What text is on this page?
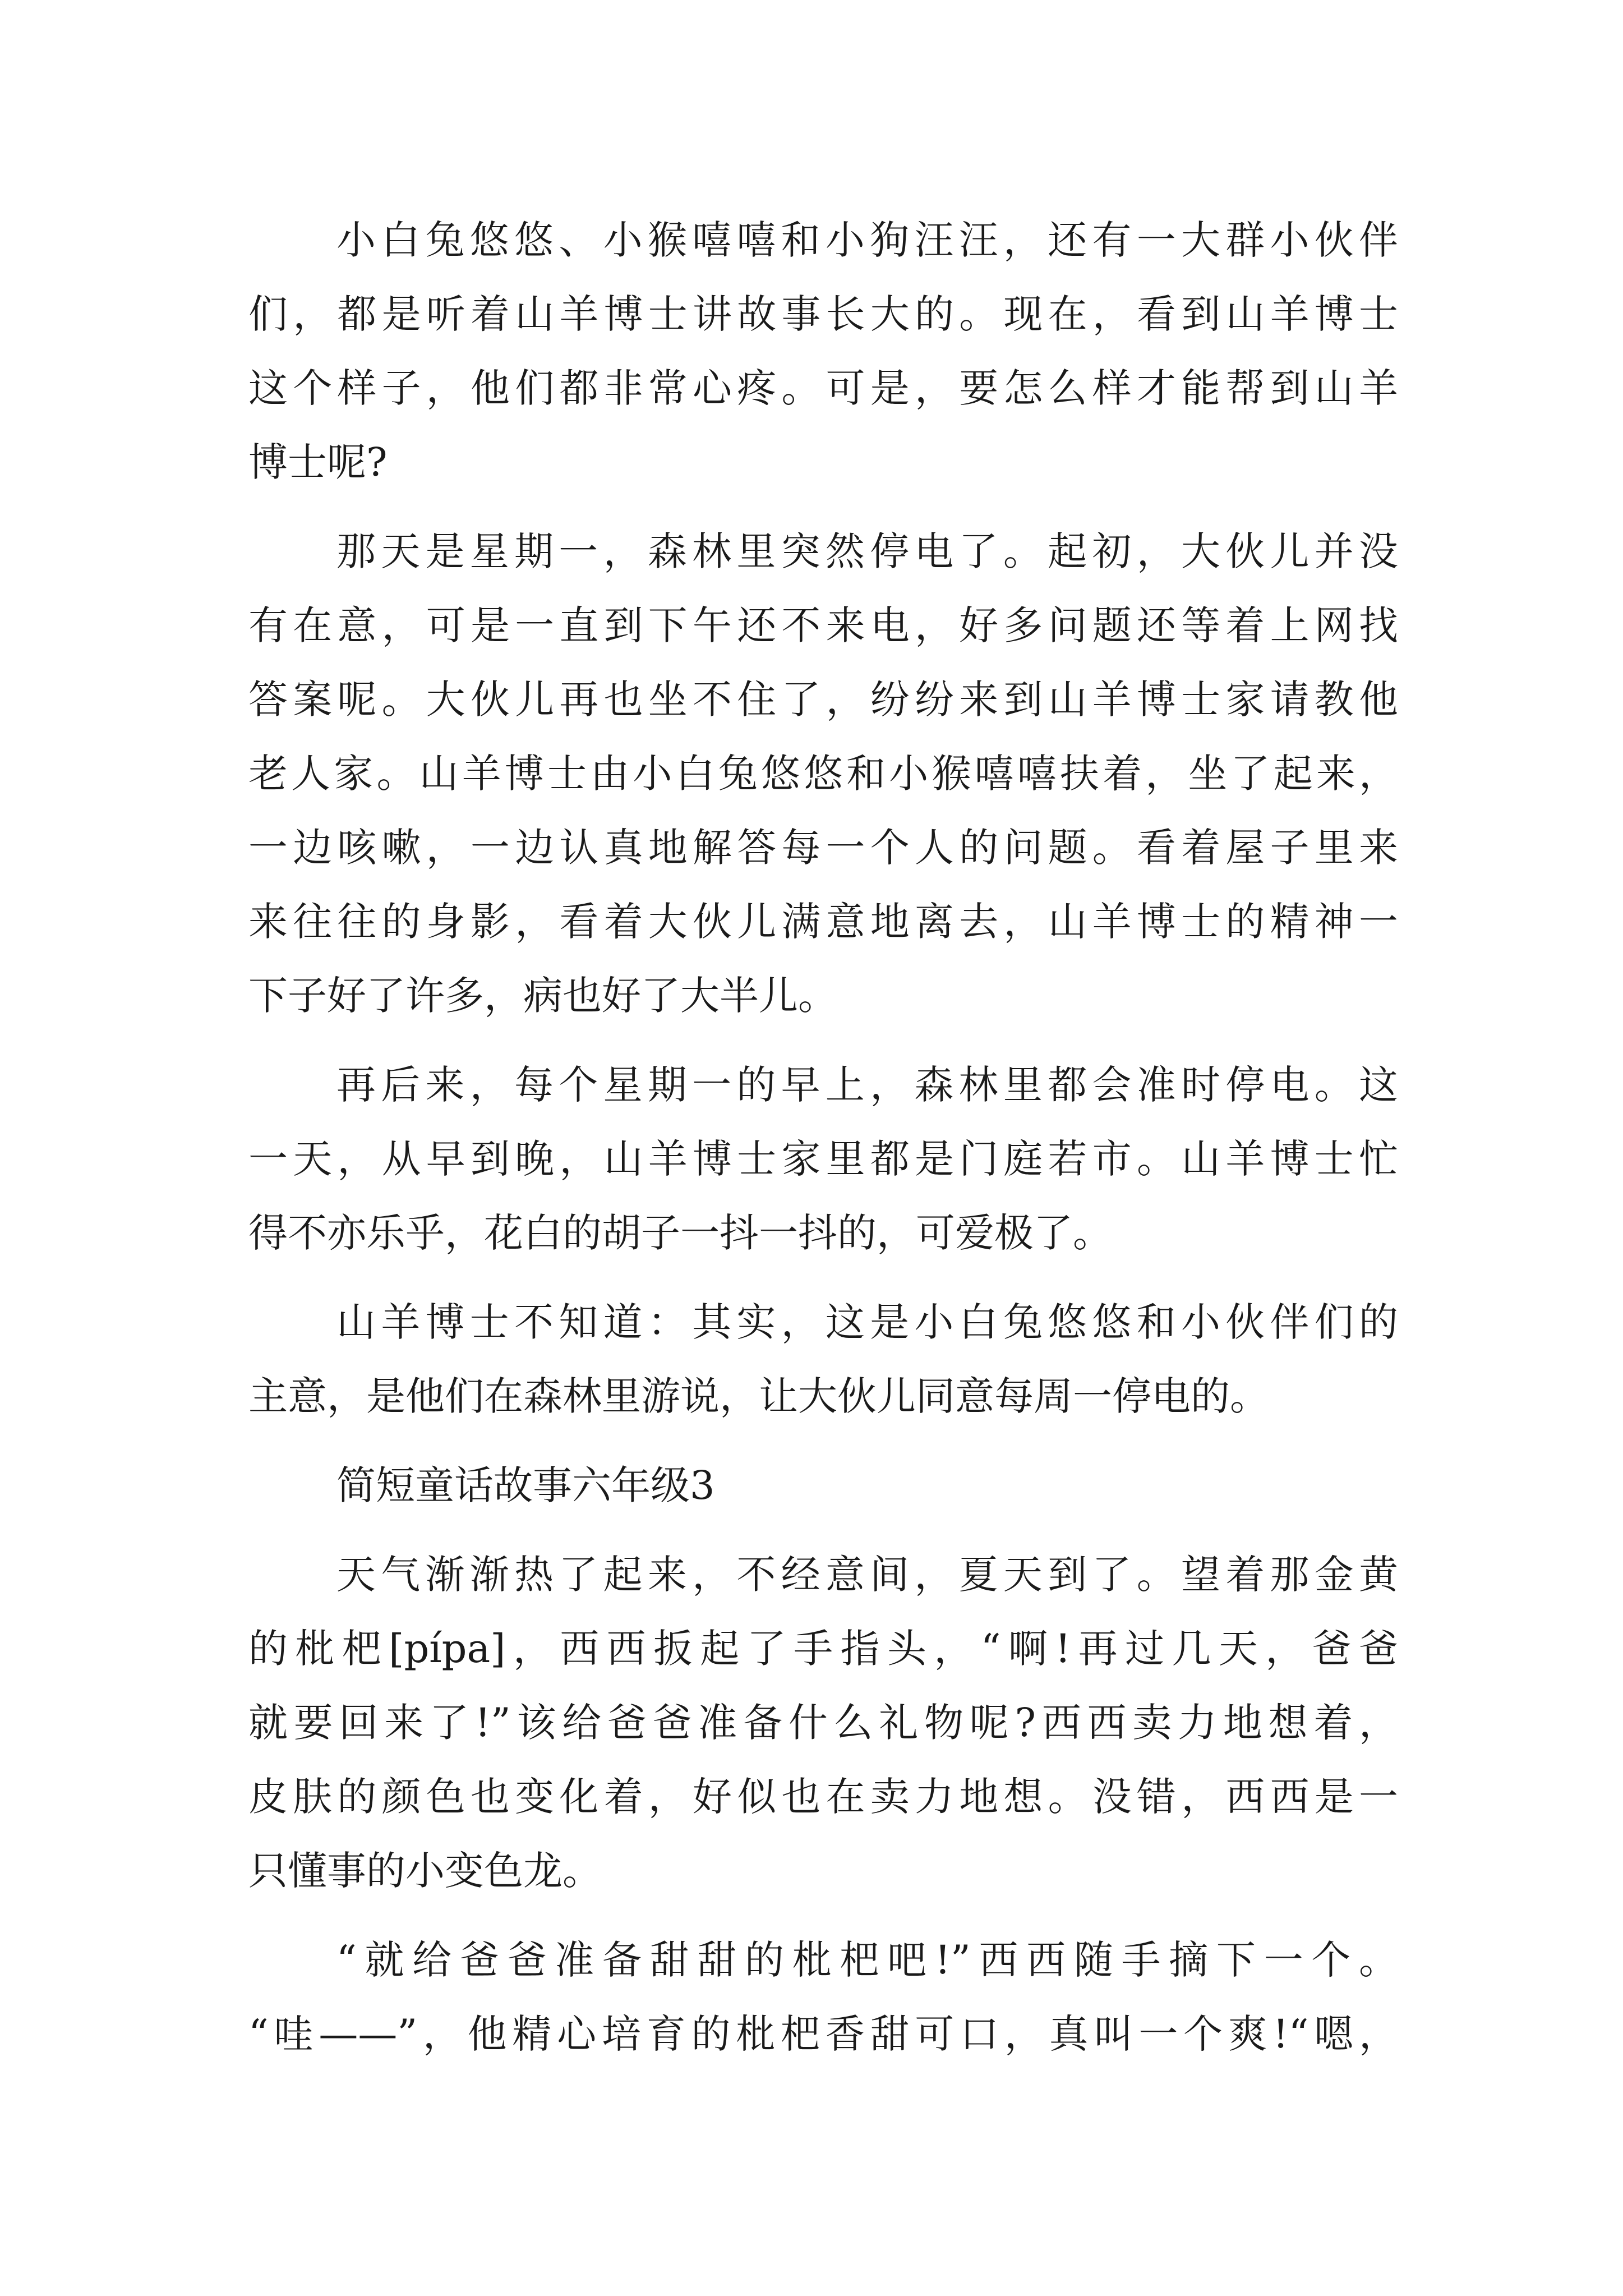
小白兔悠悠、小猴嘻嘻和小狗汪汪，还有一大群小伙伴
们，都是听着山羊博士讲故事长大的。现在，看到山羊博士
这个样子，他们都非常心疼。可是，要怎么样才能帮到山羊
博士呢?
那天是星期一，森林里突然停电了。起初，大伙儿并没
有在意，可是一直到下午还不来电，好多问题还等着上网找
答案呢。大伙儿再也坐不住了，纷纷来到山羊博士家请教他
老人家。山羊博士由小白兔悠悠和小猴嘻嘻扶着，坐了起来，
一边咳嗽，一边认真地解答每一个人的问题。看着屋子里来
来往往的身影，看着大伙儿满意地离去，山羊博士的精神一
下子好了许多，病也好了大半儿。
再后来，每个星期一的早上，森林里都会准时停电。这
一天，从早到晚，山羊博士家里都是门庭若市。山羊博士忙
得不亦乐乎，花白的胡子一抖一抖的，可爱极了。
山羊博士不知道：其实，这是小白兔悠悠和小伙伴们的
主意，是他们在森林里游说，让大伙儿同意每周一停电的。
简短童话故事六年级3
天气渐渐热了起来，不经意间，夏天到了。望着那金黄
的枇杷[pípa]，西西扳起了手指头，“啊!再过几天，爸爸
就要回来了!”该给爸爸准备什么礼物呢?西西卖力地想着，
皮肤的颜色也变化着，好似也在卖力地想。没错，西西是一
只懂事的小变色龙。
“就给爸爸准备甜甜的枇杷吧!”西西随手摘下一个。
“哇——”，他精心培育的枇杷香甜可口，真叫一个爽!“嗯，
